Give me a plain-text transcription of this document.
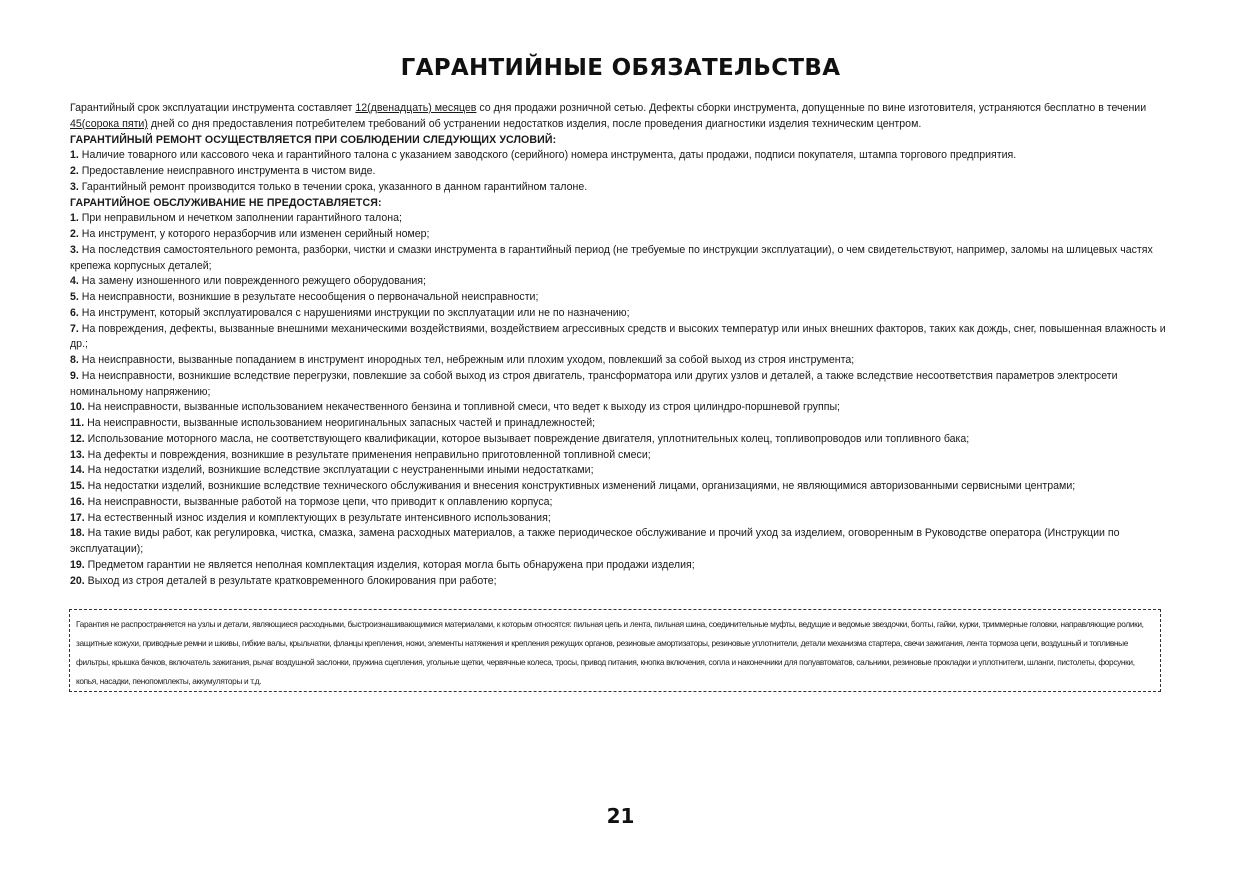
ГАРАНТИЙНЫЕ ОБЯЗАТЕЛЬСТВА

Гарантийный срок эксплуатации инструмента составляет 12(двенадцать) месяцев со дня продажи розничной сетью. Дефекты сборки инструмента, допущенные по вине изготовителя, устраняются бесплатно в течении 45(сорока пяти) дней со дня предоставления потребителем требований об устранении недостатков изделия, после проведения диагностики изделия техническим центром.

ГАРАНТИЙНЫЙ РЕМОНТ ОСУЩЕСТВЛЯЕТСЯ ПРИ СОБЛЮДЕНИИ СЛЕДУЮЩИХ УСЛОВИЙ:

1. Наличие товарного или кассового чека и гарантийного талона с указанием заводского (серийного) номера инструмента, даты продажи, подписи покупателя, штампа торгового предприятия.

2. Предоставление неисправного инструмента в чистом виде.

3. Гарантийный ремонт производится только в течении срока, указанного в данном гарантийном талоне.

ГАРАНТИЙНОЕ ОБСЛУЖИВАНИЕ НЕ ПРЕДОСТАВЛЯЕТСЯ:

1. При неправильном и нечетком заполнении гарантийного талона;

2. На инструмент, у которого неразборчив или изменен серийный номер;

3. На последствия самостоятельного ремонта, разборки, чистки и смазки инструмента в гарантийный период (не требуемые по инструкции эксплуатации), о чем свидетельствуют, например, заломы на шлицевых частях крепежа корпусных деталей;

4. На замену изношенного или поврежденного режущего оборудования;

5. На неисправности, возникшие в результате несообщения о первоначальной неисправности;

6. На инструмент, который эксплуатировался с нарушениями инструкции по эксплуатации или не по назначению;

7. На повреждения, дефекты, вызванные внешними механическими воздействиями, воздействием агрессивных средств и высоких температур или иных внешних факторов, таких как дождь, снег, повышенная влажность и др.;

8. На неисправности, вызванные попаданием в инструмент инородных тел, небрежным или плохим уходом, повлекший за собой выход из строя инструмента;

9. На неисправности, возникшие вследствие перегрузки, повлекшие за собой выход из строя двигатель, трансформатора или других узлов и деталей, а также вследствие несоответствия параметров электросети номинальному напряжению;

10. На неисправности, вызванные использованием некачественного бензина и топливной смеси, что ведет к выходу из строя цилиндро-поршневой группы;

11. На неисправности, вызванные использованием неоригинальных запасных частей и принадлежностей;

12. Использование моторного масла, не соответствующего квалификации, которое вызывает повреждение двигателя, уплотнительных колец, топливопроводов или топливного бака;

13. На дефекты и повреждения, возникшие в результате применения неправильно приготовленной топливной смеси;

14. На недостатки изделий, возникшие вследствие эксплуатации с неустраненными иными недостатками;

15. На недостатки изделий, возникшие вследствие технического обслуживания и внесения конструктивных изменений лицами, организациями, не являющимися авторизованными сервисными центрами;

16. На неисправности, вызванные работой на тормозе цепи, что приводит к оплавлению корпуса;

17. На естественный износ изделия и комплектующих в результате интенсивного использования;

18. На такие виды работ, как регулировка, чистка, смазка, замена расходных материалов, а также периодическое обслуживание и прочий уход за изделием, оговоренным в Руководстве оператора (Инструкции по эксплуатации);

19. Предметом гарантии не является неполная комплектация изделия, которая могла быть обнаружена при продажи изделия;

20. Выход из строя деталей в результате кратковременного блокирования при работе;

Гарантия не распространяется на узлы и детали, являющиеся расходными, быстроизнашивающимися материалами, к которым относятся: пильная цепь и лента, пильная шина, соединительные муфты, ведущие и ведомые звездочки, болты, гайки, курки, триммерные головки, направляющие ролики, защитные кожухи, приводные ремни и шкивы, гибкие валы, крыльчатки, фланцы крепления, ножи, элементы натяжения и крепления режущих органов, резиновые амортизаторы, резиновые уплотнители, детали механизма стартера, свечи зажигания, лента тормоза цепи, воздушный и топливные фильтры, крышка бачков, включатель зажигания, рычаг воздушной заслонки, пружина сцепления, угольные щетки, червячные колеса, тросы, привод питания, кнопка включения, сопла и наконечники для полуавтоматов, сальники, резиновые прокладки и уплотнители, шланги, пистолеты, форсунки, копья, насадки, пенопомплекты, аккумуляторы и т.д.
21
